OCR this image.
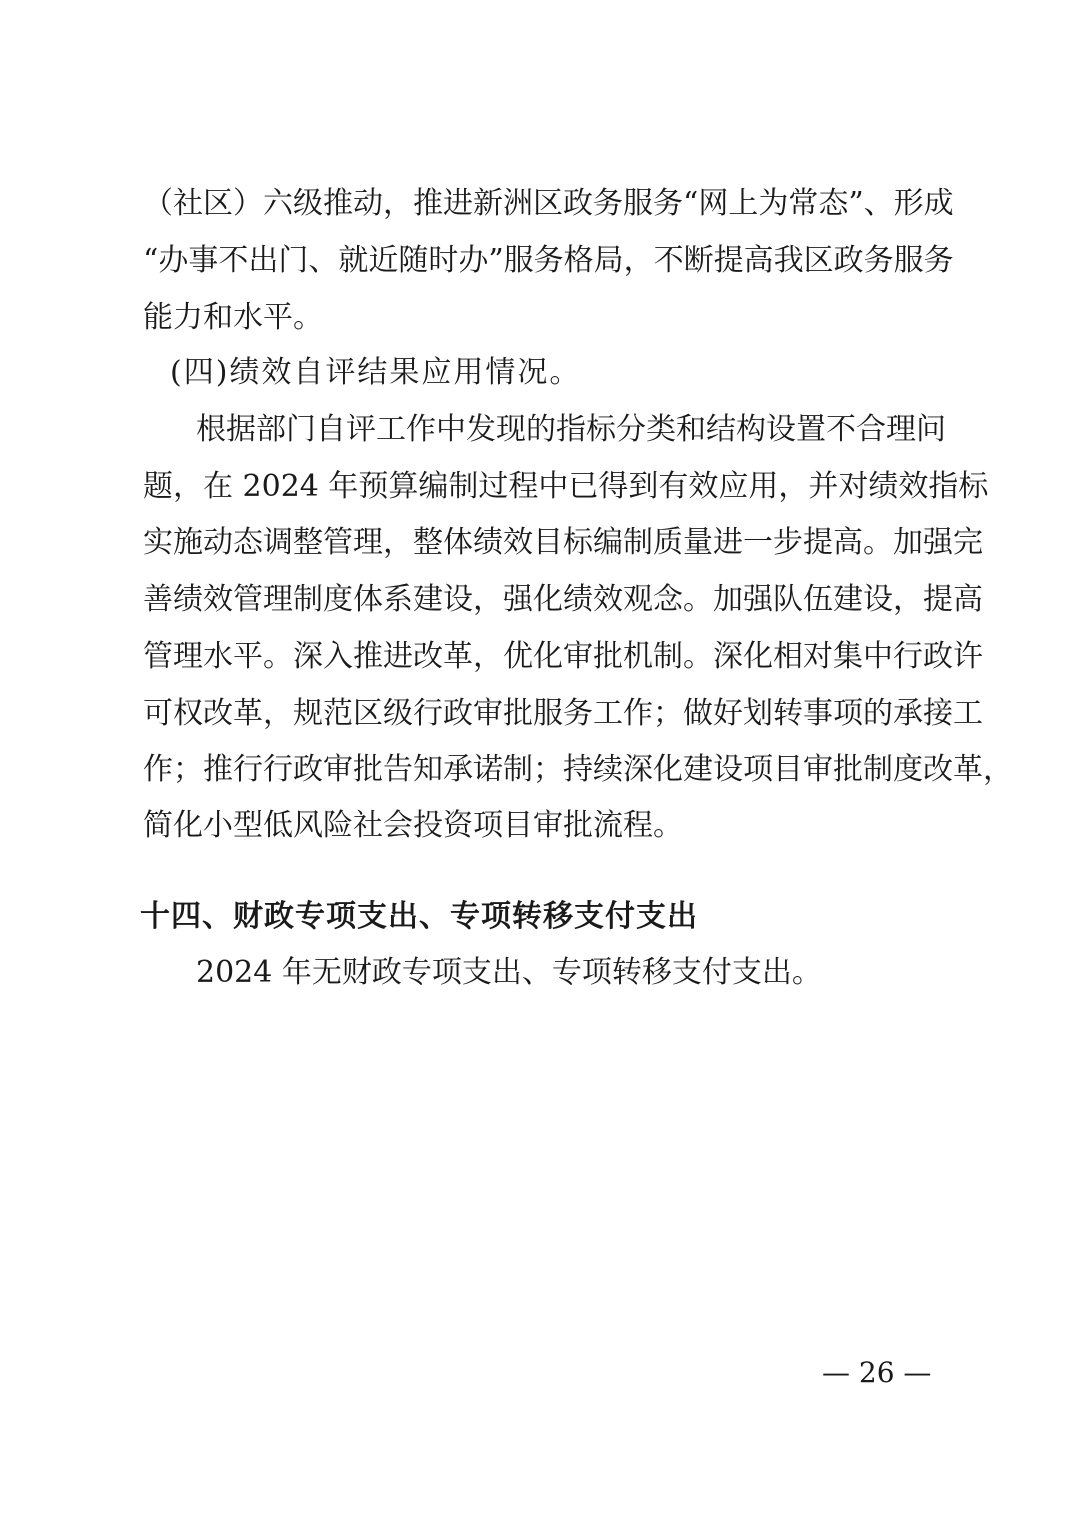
（社区）六级推动，推进新洲区政务服务“网上为常态”、形成
“办事不出门、就近随时办”服务格局，不断提高我区政务服务
能力和水平。
(四)绩效自评结果应用情况。
根据部门自评工作中发现的指标分类和结构设置不合理问
题，在 2024 年预算编制过程中已得到有效应用，并对绩效指标
实施动态调整管理，整体绩效目标编制质量进一步提高。加强完
善绩效管理制度体系建设，强化绩效观念。加强队伍建设，提高
管理水平。深入推进改革，优化审批机制。深化相对集中行政许
可权改革，规范区级行政审批服务工作；做好划转事项的承接工
作；推行行政审批告知承诺制；持续深化建设项目审批制度改革，
简化小型低风险社会投资项目审批流程。
十四、财政专项支出、专项转移支付支出
2024 年无财政专项支出、专项转移支付支出。
— 26 —
